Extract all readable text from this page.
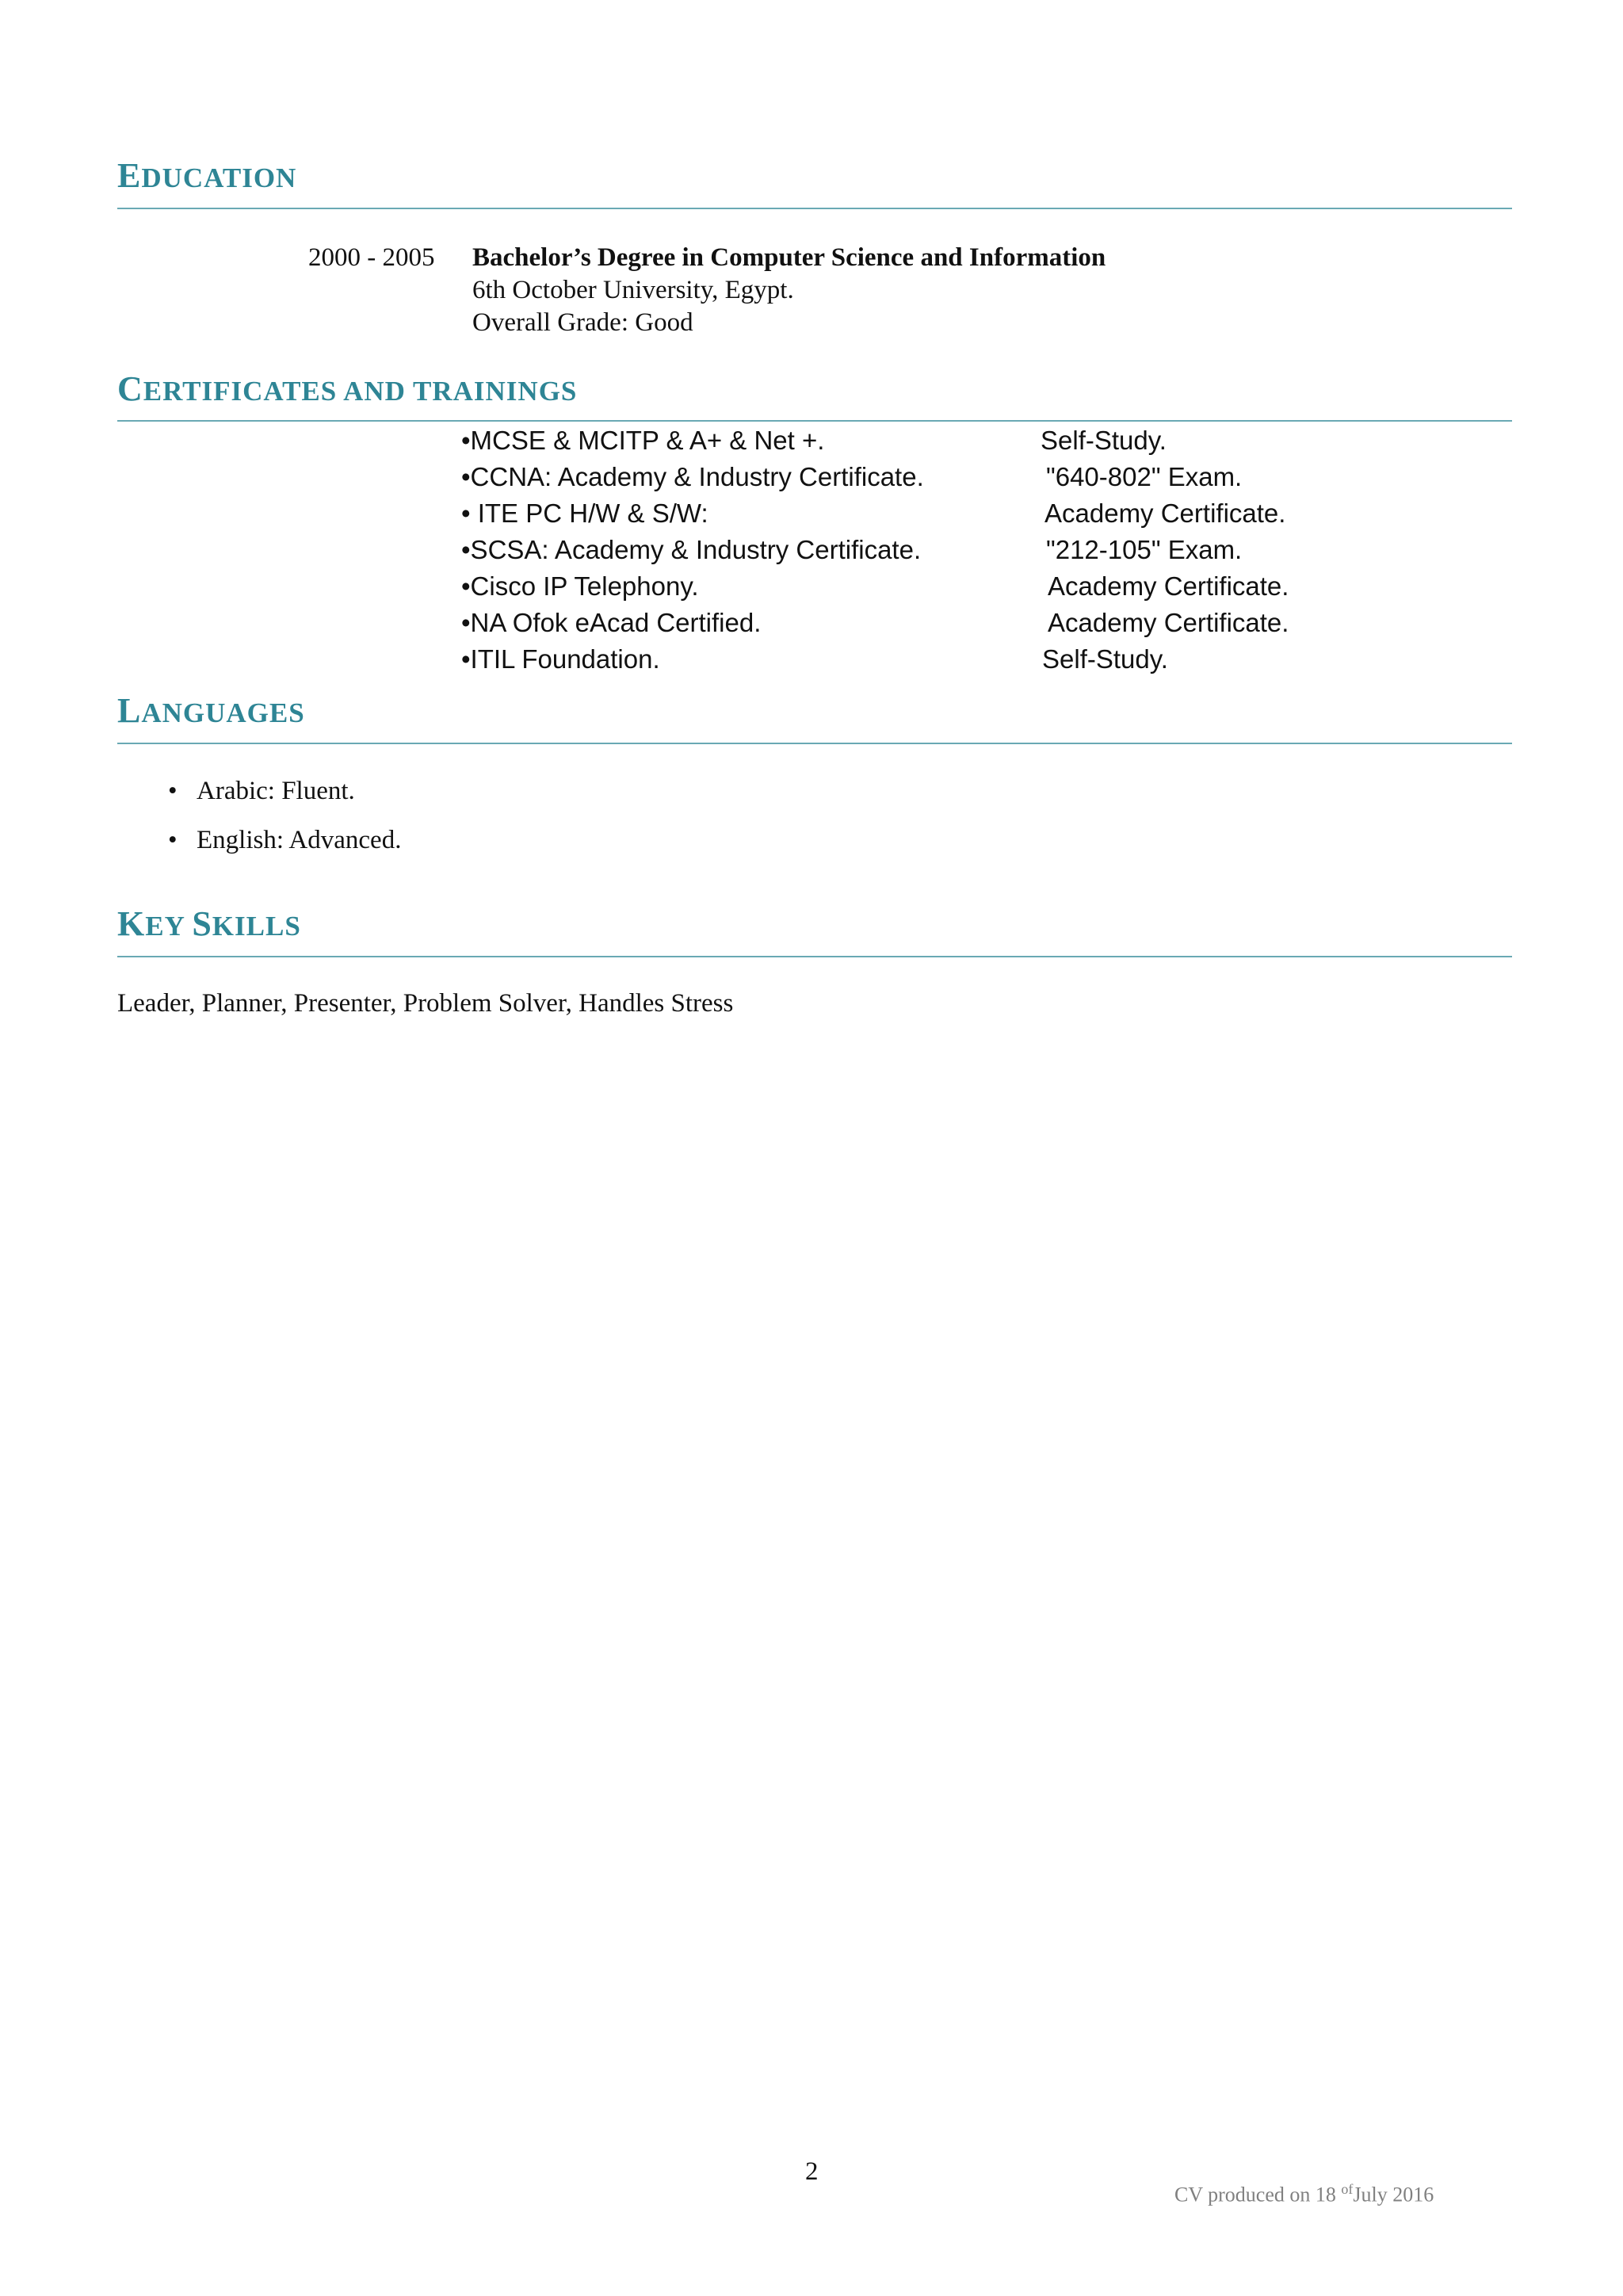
EDUCATION
2000 - 2005 Bachelor’s Degree in Computer Science and Information
6th October University, Egypt.
Overall Grade: Good
CERTIFICATES AND TRAININGS
•MCSE & MCITP & A+ & Net +.	Self-Study.
•CCNA: Academy & Industry Certificate.	"640-802" Exam.
• ITE PC H/W & S/W:	Academy Certificate.
•SCSA: Academy & Industry Certificate.	"212-105" Exam.
•Cisco IP Telephony.	Academy Certificate.
•NA Ofok eAcad Certified.	Academy Certificate.
•ITIL Foundation.	Self-Study.
LANGUAGES
• Arabic: Fluent.
• English: Advanced.
KEY SKILLS
Leader, Planner, Presenter, Problem Solver, Handles Stress
2
CV produced on 18 $^{of}$July 2016
